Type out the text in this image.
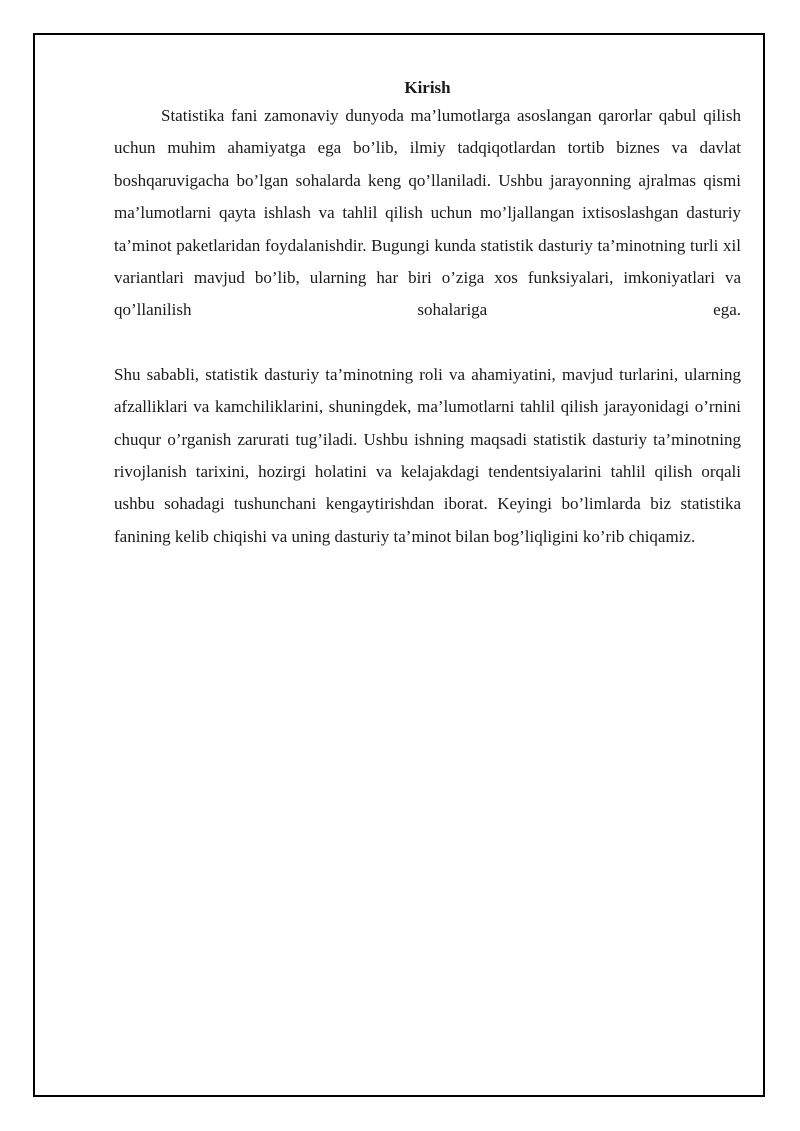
Kirish

Statistika fani zamonaviy dunyoda ma’lumotlarga asoslangan qarorlar qabul qilish uchun muhim ahamiyatga ega bo’lib, ilmiy tadqiqotlardan tortib biznes va davlat boshqaruvigacha bo’lgan sohalarda keng qo’llaniladi. Ushbu jarayonning ajralmas qismi ma’lumotlarni qayta ishlash va tahlil qilish uchun mo’ljallangan ixtisoslashgan dasturiy ta’minot paketlaridan foydalanishdir. Bugungi kunda statistik dasturiy ta’minotning turli xil variantlari mavjud bo’lib, ularning har biri o’ziga xos funksiyalari, imkoniyatlari va qo’llanilish sohalariga ega.

Shu sababli, statistik dasturiy ta’minotning roli va ahamiyatini, mavjud turlarini, ularning afzalliklari va kamchiliklarini, shuningdek, ma’lumotlarni tahlil qilish jarayonidagi o’rnini chuqur o’rganish zarurati tug’iladi. Ushbu ishning maqsadi statistik dasturiy ta’minotning rivojlanish tarixini, hozirgi holatini va kelajakdagi tendentsiyalarini tahlil qilish orqali ushbu sohadagi tushunchani kengaytirishdan iborat. Keyingi bo’limlarda biz statistika fanining kelib chiqishi va uning dasturiy ta’minot bilan bog’liqligini ko’rib chiqamiz.
